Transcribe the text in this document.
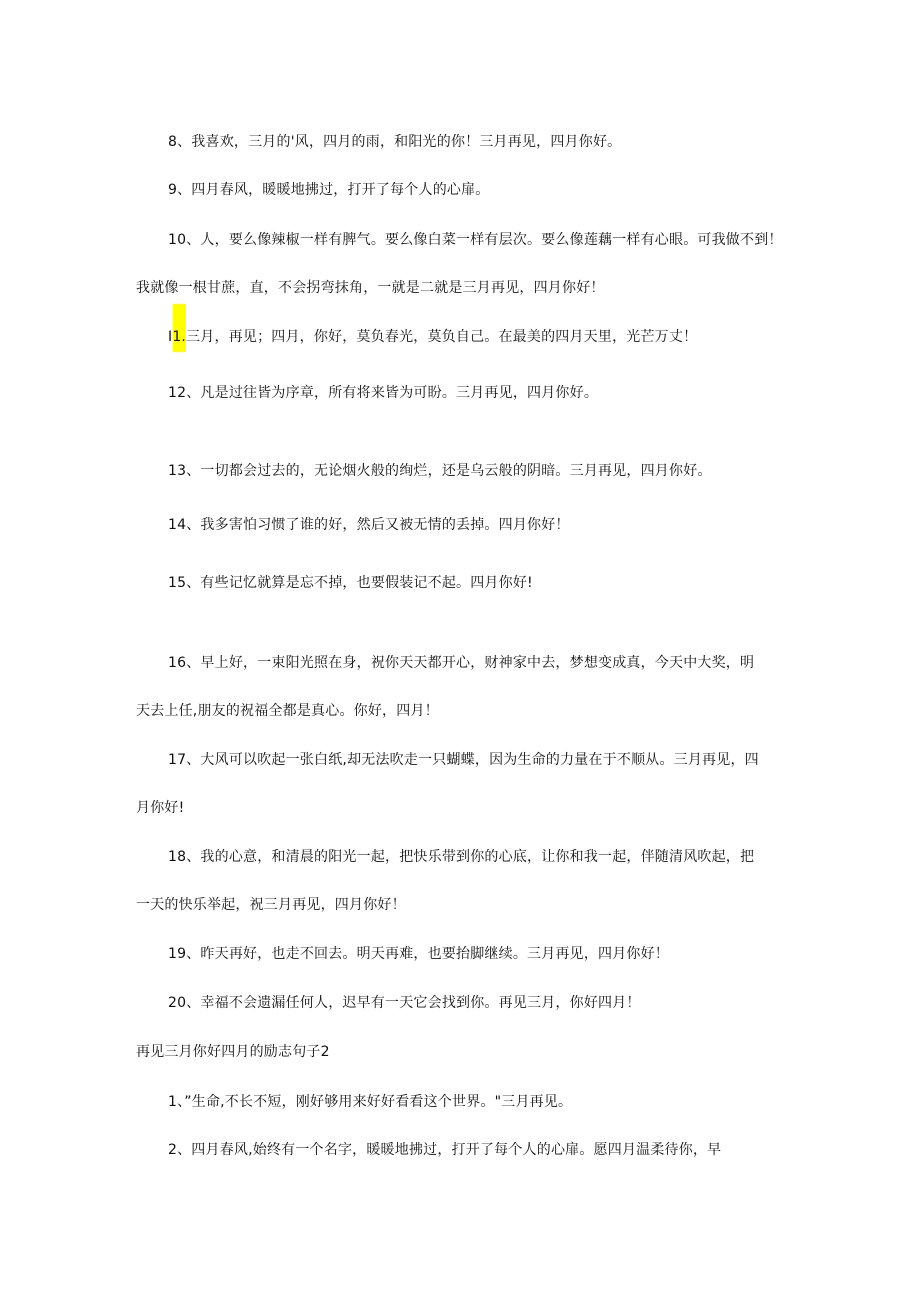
8、我喜欢，三月的'风，四月的雨，和阳光的你！三月再见，四月你好。
9、四月春风，暖暖地拂过，打开了每个人的心扉。
10、人，要么像辣椒一样有脾气。要么像白菜一样有层次。要么像莲藕一样有心眼。可我做不到！
我就像一根甘蔗，直，不会拐弯抹角，一就是二就是三月再见，四月你好！
I1.三月，再见；四月，你好，莫负春光，莫负自己。在最美的四月天里，光芒万丈！
12、凡是过往皆为序章，所有将来皆为可盼。三月再见，四月你好。
13、一切都会过去的，无论烟火般的绚烂，还是乌云般的阴暗。三月再见，四月你好。
14、我多害怕习惯了谁的好，然后又被无情的丢掉。四月你好！
15、有些记忆就算是忘不掉，也要假装记不起。四月你好!
16、早上好，一束阳光照在身，祝你天天都开心，财神家中去，梦想变成真，今天中大奖，明
天去上任,朋友的祝福全都是真心。你好，四月！
17、大风可以吹起一张白纸,却无法吹走一只蝴蝶，因为生命的力量在于不顺从。三月再见，四
月你好!
18、我的心意，和清晨的阳光一起，把快乐带到你的心底，让你和我一起，伴随清风吹起，把
一天的快乐举起，祝三月再见，四月你好！
19、昨天再好，也走不回去。明天再难，也要抬脚继续。三月再见，四月你好！
20、幸福不会遗漏任何人，迟早有一天它会找到你。再见三月，你好四月！
再见三月你好四月的励志句子2
1、”生命,不长不短，刚好够用来好好看看这个世界。"三月再见。
2、四月春风,始终有一个名字，暖暖地拂过，打开了每个人的心扉。愿四月温柔待你，早
